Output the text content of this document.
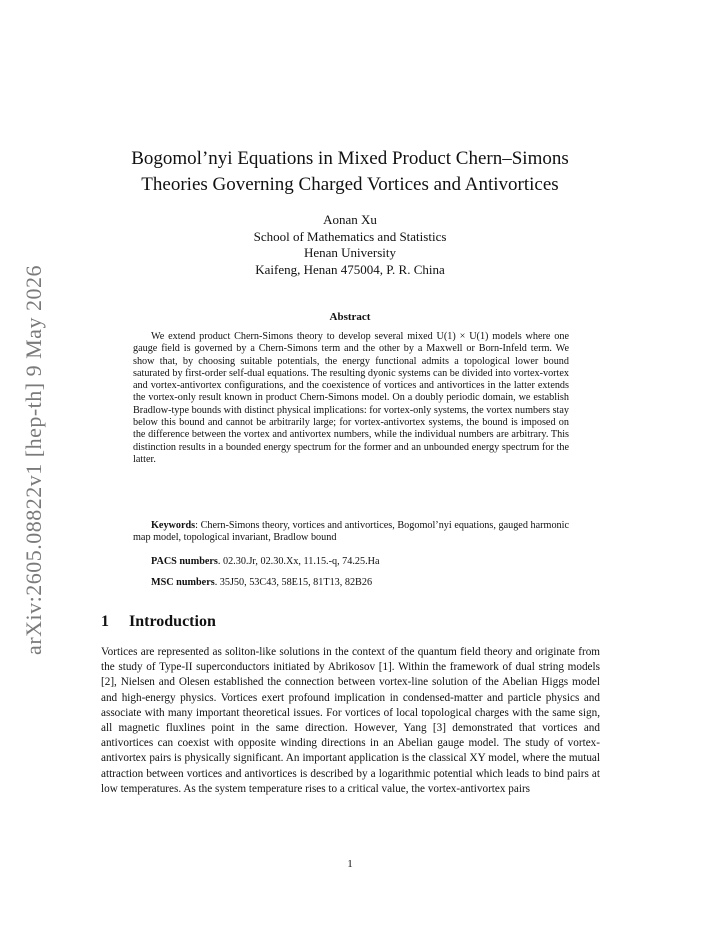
arXiv:2605.08822v1 [hep-th] 9 May 2026
Bogomol’nyi Equations in Mixed Product Chern–Simons
Theories Governing Charged Vortices and Antivortices
Aonan Xu
School of Mathematics and Statistics
Henan University
Kaifeng, Henan 475004, P. R. China
Abstract

We extend product Chern-Simons theory to develop several mixed U(1) × U(1) models where one gauge field is governed by a Chern-Simons term and the other by a Maxwell or Born-Infeld term. We show that, by choosing suitable potentials, the energy functional admits a topological lower bound saturated by first-order self-dual equations. The resulting dyonic systems can be divided into vortex-vortex and vortex-antivortex configurations, and the coexistence of vortices and antivortices in the latter extends the vortex-only result known in product Chern-Simons model. On a doubly periodic domain, we establish Bradlow-type bounds with distinct physical implications: for vortex-only systems, the vortex numbers stay below this bound and cannot be arbitrarily large; for vortex-antivortex systems, the bound is imposed on the difference between the vortex and antivortex numbers, while the individual numbers are arbitrary. This distinction results in a bounded energy spectrum for the former and an unbounded energy spectrum for the latter.

Keywords: Chern-Simons theory, vortices and antivortices, Bogomol’nyi equations, gauged harmonic map model, topological invariant, Bradlow bound

PACS numbers. 02.30.Jr, 02.30.Xx, 11.15.-q, 74.25.Ha
MSC numbers. 35J50, 53C43, 58E15, 81T13, 82B26
1 Introduction

Vortices are represented as soliton-like solutions in the context of the quantum field theory and originate from the study of Type-II superconductors initiated by Abrikosov [1]. Within the framework of dual string models [2], Nielsen and Olesen established the connection between vortex-line solution of the Abelian Higgs model and high-energy physics. Vortices exert profound implication in condensed-matter and particle physics and associate with many important theoretical issues. For vortices of local topological charges with the same sign, all magnetic fluxlines point in the same direction. However, Yang [3] demonstrated that vortices and antivortices can coexist with opposite winding directions in an Abelian gauge model. The study of vortex-antivortex pairs is physically significant. An important application is the classical XY model, where the mutual attraction between vortices and antivortices is described by a logarithmic potential which leads to bind pairs at low temperatures. As the system temperature rises to a critical value, the vortex-antivortex pairs

1
